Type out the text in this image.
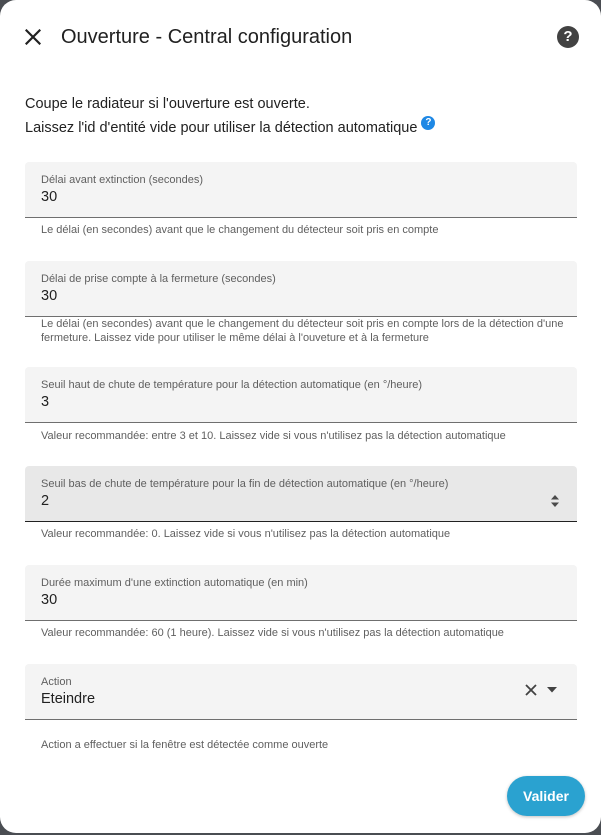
Ouverture - Central configuration	?
Coupe le radiateur si l'ouverture est ouverte.
Laissez l'id d'entité vide pour utiliser la détection automatique ?
Délai avant extinction (secondes)
30
Le délai (en secondes) avant que le changement du détecteur soit pris en compte
Délai de prise compte à la fermeture (secondes)
30
Le délai (en secondes) avant que le changement du détecteur soit pris en compte lors de la détection d'une fermeture. Laissez vide pour utiliser le même délai à l'ouveture et à la fermeture
Seuil haut de chute de température pour la détection automatique (en °/heure)
3
Valeur recommandée: entre 3 et 10. Laissez vide si vous n'utilisez pas la détection automatique
Seuil bas de chute de température pour la fin de détection automatique (en °/heure)
2
Valeur recommandée: 0. Laissez vide si vous n'utilisez pas la détection automatique
Durée maximum d'une extinction automatique (en min)
30
Valeur recommandée: 60 (1 heure). Laissez vide si vous n'utilisez pas la détection automatique
Action
Eteindre
Action a effectuer si la fenêtre est détectée comme ouverte
Valider
